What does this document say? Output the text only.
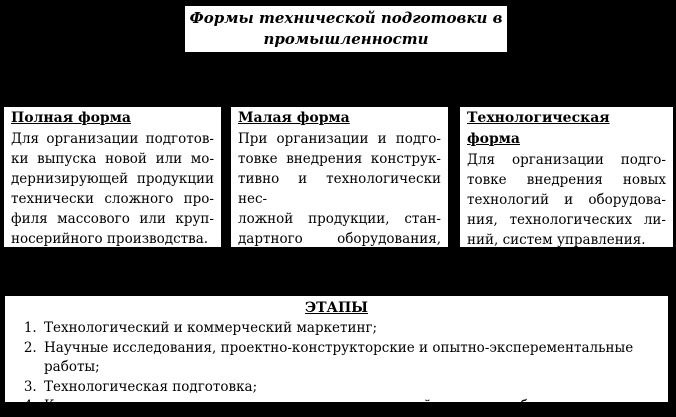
Формы технической подготовки в
промышленности
Полная форма
Для организации подготов-
ки выпуска новой или мо-
дернизирующей продукции
технически сложного про-
филя массового или круп-
носерийного производства.
Малая форма
При организации и подго-
товке внедрения конструк-
тивно и технологически нес-
ложной продукции, стан-
дартного оборудования,
инструмента и т.д.
Технологическая форма
Для организации подго-
товке внедрения новых
технологий и оборудова-
ния, технологических ли-
ний, систем управления.
ЭТАПЫ
1. Технологический и коммерческий маркетинг;
2. Научные исследования, проектно-конструкторские и опытно-эксперементальные работы;
3. Технологическая подготовка;
4. Комплекс организационных и производственно-хозяйственных работ.
